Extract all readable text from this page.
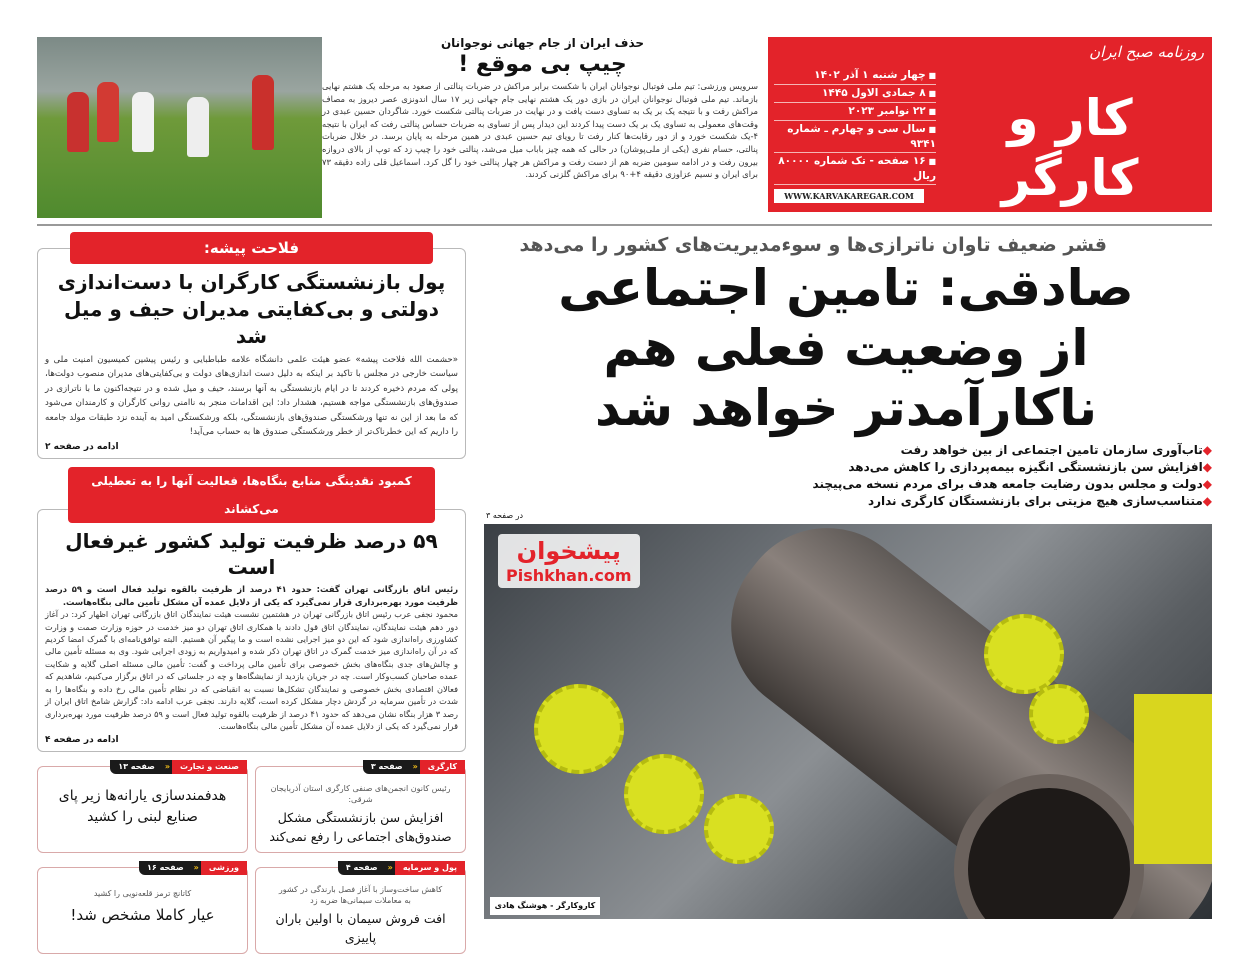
روزنامه صبح ایران
■ چهار شنبه ۱ آذر ۱۴۰۲
■ ۸ جمادی الاول ۱۴۴۵
■ ۲۲ نوامبر ۲۰۲۳
■ سال سی و چهارم ـ شماره ۹۳۴۱
■ ۱۶ صفحه - تک شماره ۸۰۰۰۰ ریال
WWW.KARVAKAREGAR.COM
کار و کارگر
حذف ایران از جام جهانی نوجوانان
چیپ بی موقع !
سرویس ورزشی: تیم ملی فوتبال نوجوانان ایران با شکست برابر مراکش در ضربات پنالتی از صعود به مرحله یک هشتم نهایی بازماند. تیم ملی فوتبال نوجوانان ایران در بازی دور یک هشتم نهایی جام جهانی زیر ۱۷ سال اندونزی عصر دیروز به مصاف مراکش رفت و با نتیجه یک بر یک به تساوی دست یافت و در نهایت در ضربات پنالتی شکست خورد. شاگردان حسین عبدی در وقت‌های معمولی به تساوی یک بر یک دست پیدا کردند این دیدار پس از تساوی به ضربات حساس پنالتی رفت که ایران با نتیجه ۴-یک شکست خورد و از دور رقابت‌ها کنار رفت تا رویای تیم حسین عبدی در همین مرحله به پایان برسد. در خلال ضربات پنالتی، حسام نفری (یکی از ملی‌پوشان) در حالی که همه چیز باباب میل می‌شد، پنالتی خود را چیپ زد که توپ از بالای دروازه بیرون رفت و در ادامه سومین ضربه هم از دست رفت و مراکش هر چهار پنالتی خود را گل کرد. اسماعیل قلی زاده دقیقه ۷۳ برای ایران و نسیم عزاوزی دقیقه ۴+۹۰ برای مراکش گلزنی کردند.
فلاحت پیشه:
پول بازنشستگی کارگران با دست‌اندازی دولتی و بی‌کفایتی مدیران حیف و میل شد
«حشمت الله فلاحت پیشه» عضو هیئت علمی دانشگاه علامه طباطبایی و رئیس پیشین کمیسیون امنیت ملی و سیاست خارجی در مجلس با تاکید بر اینکه به دلیل دست اندازی‌های دولت و بی‌کفایتی‌های مدیران منصوب دولت‌ها، پولی که مردم ذخیره کردند تا در ایام بازنشستگی به آنها برسند، حیف و میل شده و در نتیجه‌اکنون ما با ناترازی در صندوق‌های بازنشستگی مواجه هستیم، هشدار داد: این اقدامات منجر به ناامنی روانی کارگران و کارمندان می‌شود که ما بعد از این نه تنها ورشکستگی صندوق‌های بازنشستگی، بلکه ورشکستگی امید به آینده نزد طبقات مولد جامعه را داریم که این خطرناک‌تر از خطر ورشکستگی صندوق ها به حساب می‌آید!
ادامه در صفحه ۲
کمبود نقدینگی منابع بنگاه‌ها، فعالیت آنها را به تعطیلی می‌کشاند
۵۹ درصد ظرفیت تولید کشور غیرفعال است
رئیس اتاق بازرگانی تهران گفت: حدود ۴۱ درصد از ظرفیت بالقوه تولید فعال است و ۵۹ درصد ظرفیت مورد بهره‌برداری قرار نمی‌گیرد که یکی از دلایل عمده آن مشکل تأمین مالی بنگاه‌هاست.
محمود نجفی عرب رئیس اتاق بازرگانی تهران در هشتمین نشست هیئت نمایندگان اتاق بازرگانی تهران اظهار کرد: در آغاز دور دهم هیئت نمایندگان، نمایندگان اتاق قول دادند با همکاری اتاق تهران دو میز خدمت در حوزه وزارت صمت و وزارت کشاورزی راه‌اندازی شود که این دو میز اجرایی نشده است و ما پیگیر آن هستیم. البته توافق‌نامه‌ای با گمرک امضا کردیم که در آن راه‌اندازی میز خدمت گمرک در اتاق تهران ذکر شده و امیدواریم به زودی اجرایی شود. وی به مسئله تأمین مالی و چالش‌های جدی بنگاه‌های بخش خصوصی برای تأمین مالی پرداخت و گفت: تأمین مالی مسئله اصلی گلایه و شکایت عمده صاحبان کسب‌وکار است. چه در جریان بازدید از نمایشگاه‌ها و چه در جلساتی که در اتاق برگزار می‌کنیم، شاهدیم که فعالان اقتصادی بخش خصوصی و نمایندگان تشکل‌ها نسبت به انقباضی که در نظام تأمین مالی رخ داده و بنگاه‌ها را به شدت در تأمین سرمایه در گردش دچار مشکل کرده است، گلایه دارند. نجفی عرب ادامه داد: گزارش شامخ اتاق ایران از رصد ۳ هزار بنگاه نشان می‌دهد که حدود ۴۱ درصد از ظرفیت بالقوه تولید فعال است و ۵۹ درصد ظرفیت مورد بهره‌برداری قرار نمی‌گیرد که یکی از دلایل عمده آن مشکل تأمین مالی بنگاه‌هاست.
ادامه در صفحه ۴
کارگری
«
صفحه ۳
رئیس کانون انجمن‌های صنفی کارگری استان آذربایجان شرقی:
افزایش سن بازنشستگی مشکل صندوق‌های اجتماعی را رفع نمی‌کند
صنعت و تجارت
«
صفحه ۱۳
هدفمندسازی یارانه‌ها زیر پای صنایع لبنی را کشید
پول و سرمایه
«
صفحه ۴
کاهش ساخت‌وساز با آغاز فصل بارندگی در کشور به معاملات سیمانی‌ها ضربه زد
افت فروش سیمان با اولین باران پاییزی
ورزشی
«
صفحه ۱۶
کاتانچ ترمز قلعه‌نویی را کشید
عیار کاملا مشخص شد!
قشر ضعیف تاوان ناترازی‌ها و سوءمدیریت‌های کشور را می‌دهد
صادقی: تامین اجتماعی
از وضعیت فعلی هم ناکارآمدتر خواهد شد
◆تاب‌آوری سازمان تامین اجتماعی از بین خواهد رفت
◆افزایش سن بازنشستگی انگیزه بیمه‌پردازی را کاهش می‌دهد
◆دولت و مجلس بدون رضایت جامعه هدف برای مردم نسخه می‌پیچند
◆متناسب‌سازی هیچ مزیتی برای بازنشستگان کارگری ندارد
در صفحه ۳
پیشخوان
Pishkhan.com
کاروکارگر - هوشنگ هادی
